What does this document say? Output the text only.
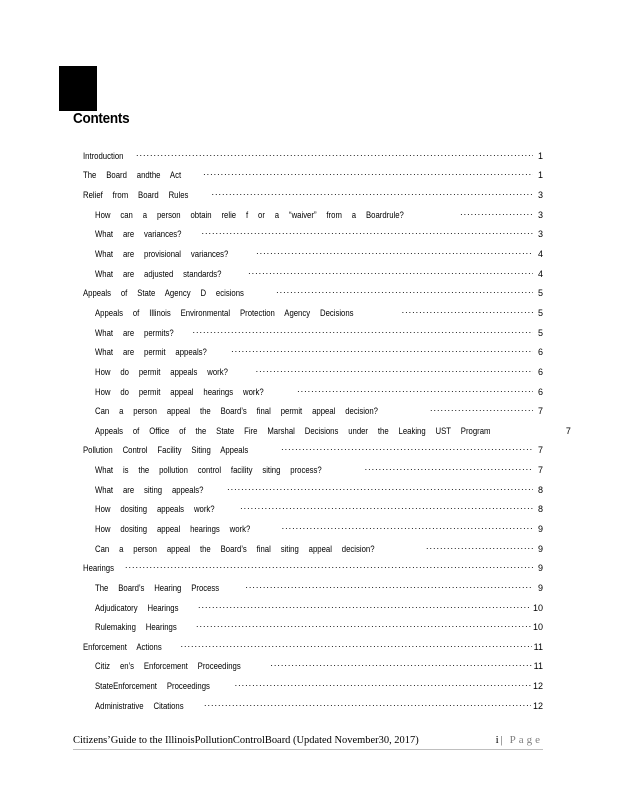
Contents
Introduction .....	1
The Board andthe Act .....	1
Relief from Board Rules .....	3
How can a person obtain relie f or a “waiver” from a Boardrule? .....	3
What are variances? .....	3
What are provisional variances? .....	4
What are adjusted standards? .....	4
Appeals of State Agency D ecisions .....	5
Appeals of Illinois Environmental Protection Agency Decisions .....	5
What are permits? .....	5
What are permit appeals? .....	6
How do permit appeals work? .....	6
How do permit appeal hearings work? .....	6
Can a person appeal the Board’s final permit appeal decision? .....	7
Appeals of Office of the State Fire Marshal Decisions under the Leaking UST Program	7
Pollution Control Facility Siting Appeals .....	7
What is the pollution control facility siting process? .....	7
What are siting appeals? .....	8
How dositing appeals work? .....	8
How dositing appeal hearings work? .....	9
Can a person appeal the Board’s final siting appeal decision? .....	9
Hearings .....	9
The Board’s Hearing Process .....	9
Adjudicatory Hearings .....	10
Rulemaking Hearings .....	10
Enforcement Actions .....	11
Citiz en’s Enforcement Proceedings .....	11
StateEnforcement Proceedings .....	12
Administrative Citations .....	12
Citizens’Guide to the IllinoisPollutionControlBoard (Updated November30, 2017)	i| Page
